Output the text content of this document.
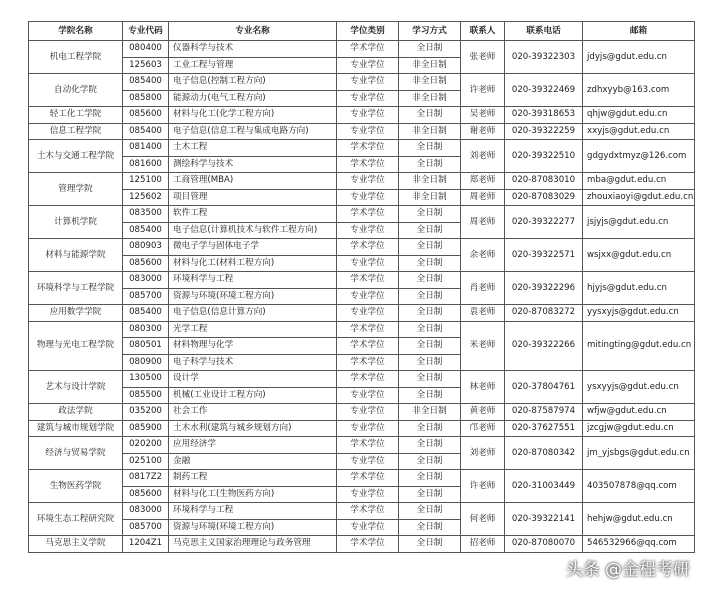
学院名称	专业代码	专业名称	学位类别	学习方式	联系人	联系电话	邮箱
机电工程学院	080400	仪器科学与技术	学术学位	全日制	张老师	020-39322303	jdyjs@gdut.edu.cn
	125603	工业工程与管理	专业学位	非全日制			
自动化学院	085400	电子信息(控制工程方向)	专业学位	非全日制	许老师	020-39322469	zdhxyyb@163.com
	085800	能源动力(电气工程方向)	专业学位	非全日制			
轻工化工学院	085600	材料与化工(化学工程方向)	专业学位	全日制	吴老师	020-39318653	qhjw@gdut.edu.cn
信息工程学院	085400	电子信息(信息工程与集成电路方向)	专业学位	非全日制	谢老师	020-39322259	xxyjs@gdut.edu.cn
土木与交通工程学院	081400	土木工程	学术学位	全日制	刘老师	020-39322510	gdgydxtmyz@126.com
	081600	测绘科学与技术	学术学位	全日制			
管理学院	125100	工商管理(MBA)	专业学位	非全日制	郑老师	020-87083010	mba@gdut.edu.cn
	125602	项目管理	专业学位	非全日制	周老师	020-87083029	zhouxiaoyi@gdut.edu.cn
计算机学院	083500	软件工程	学术学位	全日制	周老师	020-39322277	jsjyjs@gdut.edu.cn
	085400	电子信息(计算机技术与软件工程方向)	专业学位	全日制			
材料与能源学院	080903	微电子学与固体电子学	学术学位	全日制	余老师	020-39322571	wsjxx@gdut.edu.cn
	085600	材料与化工(材料工程方向)	专业学位	全日制			
环境科学与工程学院	083000	环境科学与工程	学术学位	全日制	肖老师	020-39322296	hjyjs@gdut.edu.cn
	085700	资源与环境(环境工程方向)	专业学位	全日制			
应用数学学院	085400	电子信息(信息计算方向)	专业学位	全日制	袁老师	020-87083272	yysxyjs@gdut.edu.cn
物理与光电工程学院	080300	光学工程	学术学位	全日制	米老师	020-39322266	mitingting@gdut.edu.cn
	080501	材料物理与化学	学术学位	全日制			
	080900	电子科学与技术	学术学位	全日制			
艺术与设计学院	130500	设计学	学术学位	全日制	林老师	020-37804761	ysxyyjs@gdut.edu.cn
	085500	机械(工业设计工程方向)	专业学位	全日制			
政法学院	035200	社会工作	专业学位	非全日制	黄老师	020-87587974	wfjw@gdut.edu.cn
建筑与城市规划学院	085900	土木水利(建筑与城乡规划方向)	专业学位	全日制	邝老师	020-37627551	jzcgjw@gdut.edu.cn
经济与贸易学院	020200	应用经济学	学术学位	全日制	刘老师	020-87080342	jm_yjsbgs@gdut.edu.cn
	025100	金融	专业学位	全日制			
生物医药学院	0817Z2	制药工程	学术学位	全日制	许老师	020-31003449	403507878@qq.com
	085600	材料与化工(生物医药方向)	专业学位	全日制			
环境生态工程研究院	083000	环境科学与工程	学术学位	全日制	何老师	020-39322141	hehjw@gdut.edu.cn
	085700	资源与环境(环境工程方向)	专业学位	全日制			
马克思主义学院	1204Z1	马克思主义国家治理理论与政务管理	学术学位	全日制	招老师	020-87080070	546532966@qq.com
头条 @金程考研
